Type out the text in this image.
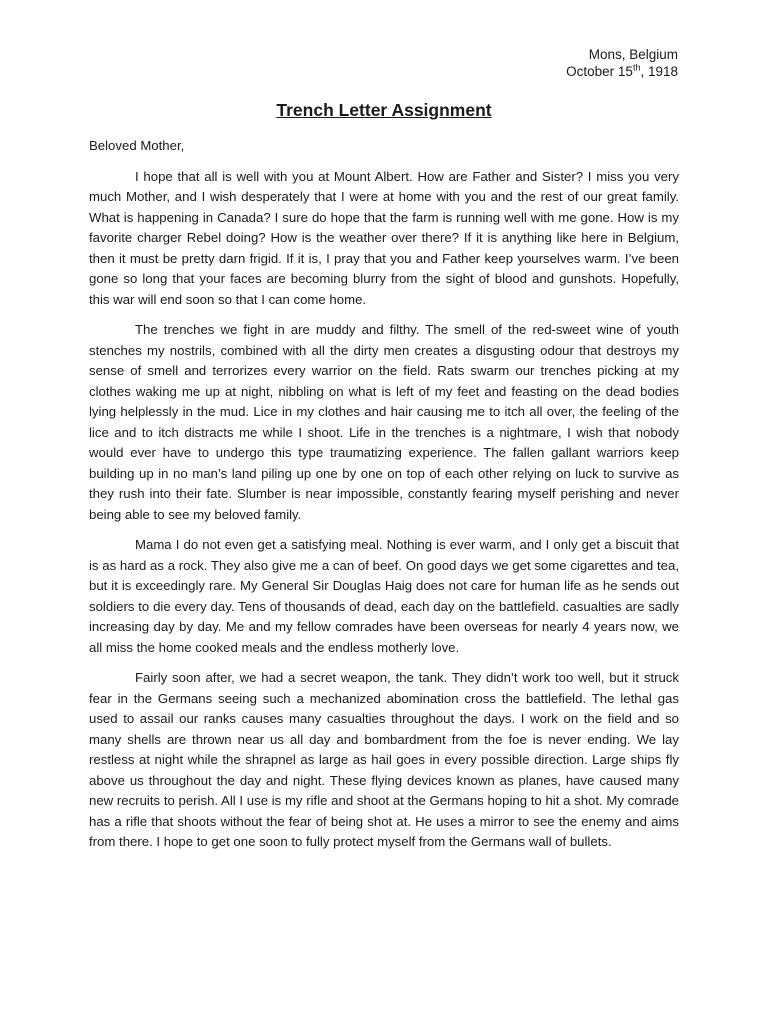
Mons, Belgium
October 15th, 1918
Trench Letter Assignment

Beloved Mother,

I hope that all is well with you at Mount Albert. How are Father and Sister? I miss you very much Mother, and I wish desperately that I were at home with you and the rest of our great family. What is happening in Canada? I sure do hope that the farm is running well with me gone. How is my favorite charger Rebel doing? How is the weather over there? If it is anything like here in Belgium, then it must be pretty darn frigid. If it is, I pray that you and Father keep yourselves warm. I’ve been gone so long that your faces are becoming blurry from the sight of blood and gunshots. Hopefully, this war will end soon so that I can come home.

The trenches we fight in are muddy and filthy. The smell of the red-sweet wine of youth stenches my nostrils, combined with all the dirty men creates a disgusting odour that destroys my sense of smell and terrorizes every warrior on the field. Rats swarm our trenches picking at my clothes waking me up at night, nibbling on what is left of my feet and feasting on the dead bodies lying helplessly in the mud. Lice in my clothes and hair causing me to itch all over, the feeling of the lice and to itch distracts me while I shoot. Life in the trenches is a nightmare, I wish that nobody would ever have to undergo this type traumatizing experience. The fallen gallant warriors keep building up in no man’s land piling up one by one on top of each other relying on luck to survive as they rush into their fate. Slumber is near impossible, constantly fearing myself perishing and never being able to see my beloved family.

Mama I do not even get a satisfying meal. Nothing is ever warm, and I only get a biscuit that is as hard as a rock. They also give me a can of beef. On good days we get some cigarettes and tea, but it is exceedingly rare. My General Sir Douglas Haig does not care for human life as he sends out soldiers to die every day. Tens of thousands of dead, each day on the battlefield. casualties are sadly increasing day by day. Me and my fellow comrades have been overseas for nearly 4 years now, we all miss the home cooked meals and the endless motherly love.

Fairly soon after, we had a secret weapon, the tank. They didn’t work too well, but it struck fear in the Germans seeing such a mechanized abomination cross the battlefield. The lethal gas used to assail our ranks causes many casualties throughout the days. I work on the field and so many shells are thrown near us all day and bombardment from the foe is never ending. We lay restless at night while the shrapnel as large as hail goes in every possible direction. Large ships fly above us throughout the day and night. These flying devices known as planes, have caused many new recruits to perish. All I use is my rifle and shoot at the Germans hoping to hit a shot. My comrade has a rifle that shoots without the fear of being shot at. He uses a mirror to see the enemy and aims from there. I hope to get one soon to fully protect myself from the Germans wall of bullets.
